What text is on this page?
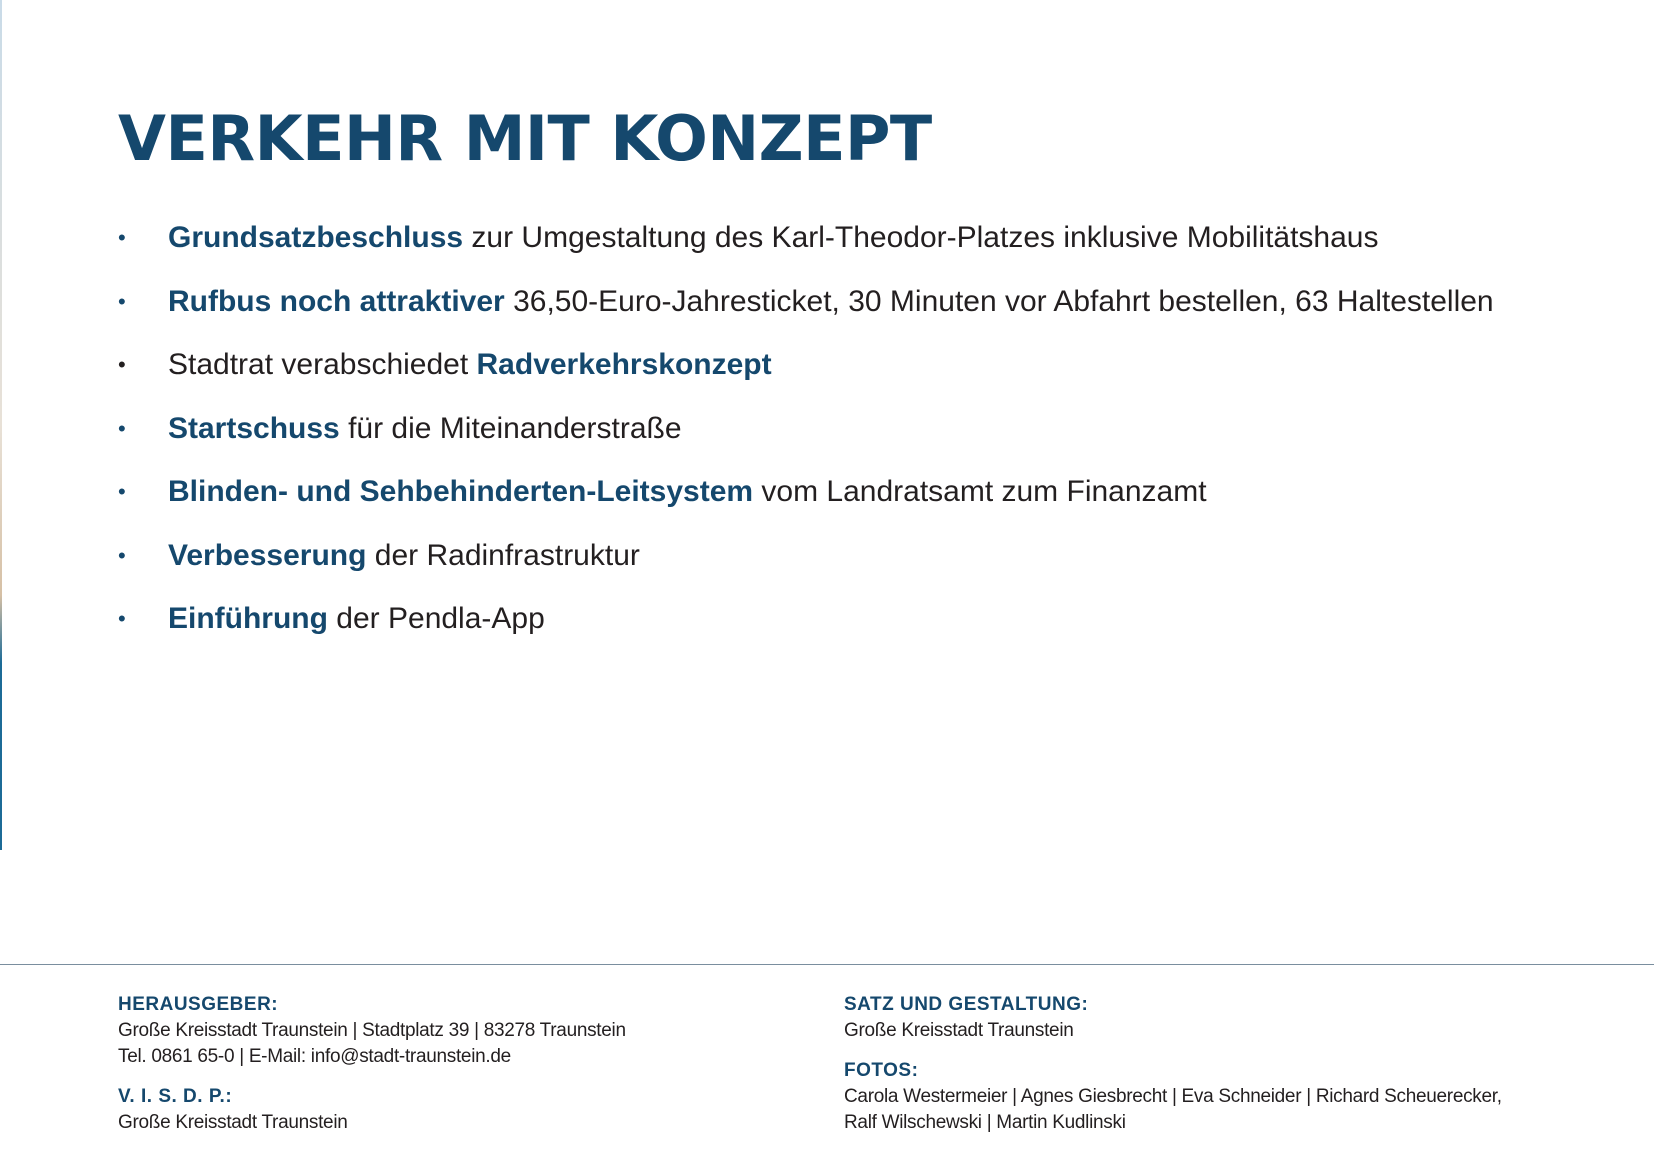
VERKEHR MIT KONZEPT
•	Grundsatzbeschluss zur Umgestaltung des Karl-Theodor-Platzes inklusive Mobilitätshaus
•	Rufbus noch attraktiver 36,50-Euro-Jahresticket, 30 Minuten vor Abfahrt bestellen, 63 Haltestellen
•	Stadtrat verabschiedet Radverkehrskonzept
•	Startschuss für die Miteinanderstraße
•	Blinden- und Sehbehinderten-Leitsystem vom Landratsamt zum Finanzamt
•	Verbesserung der Radinfrastruktur
•	Einführung der Pendla-App

HERAUSGEBER:

Große Kreisstadt Traunstein | Stadtplatz 39 | 83278 Traunstein

Tel. 0861 65-0 | E-Mail: info@stadt-traunstein.de

V. I. S. D. P.:

Große Kreisstadt Traunstein

SATZ UND GESTALTUNG:

Große Kreisstadt Traunstein

FOTOS:

Carola Westermeier | Agnes Giesbrecht | Eva Schneider | Richard Scheuerecker,

Ralf Wilschewski | Martin Kudlinski
